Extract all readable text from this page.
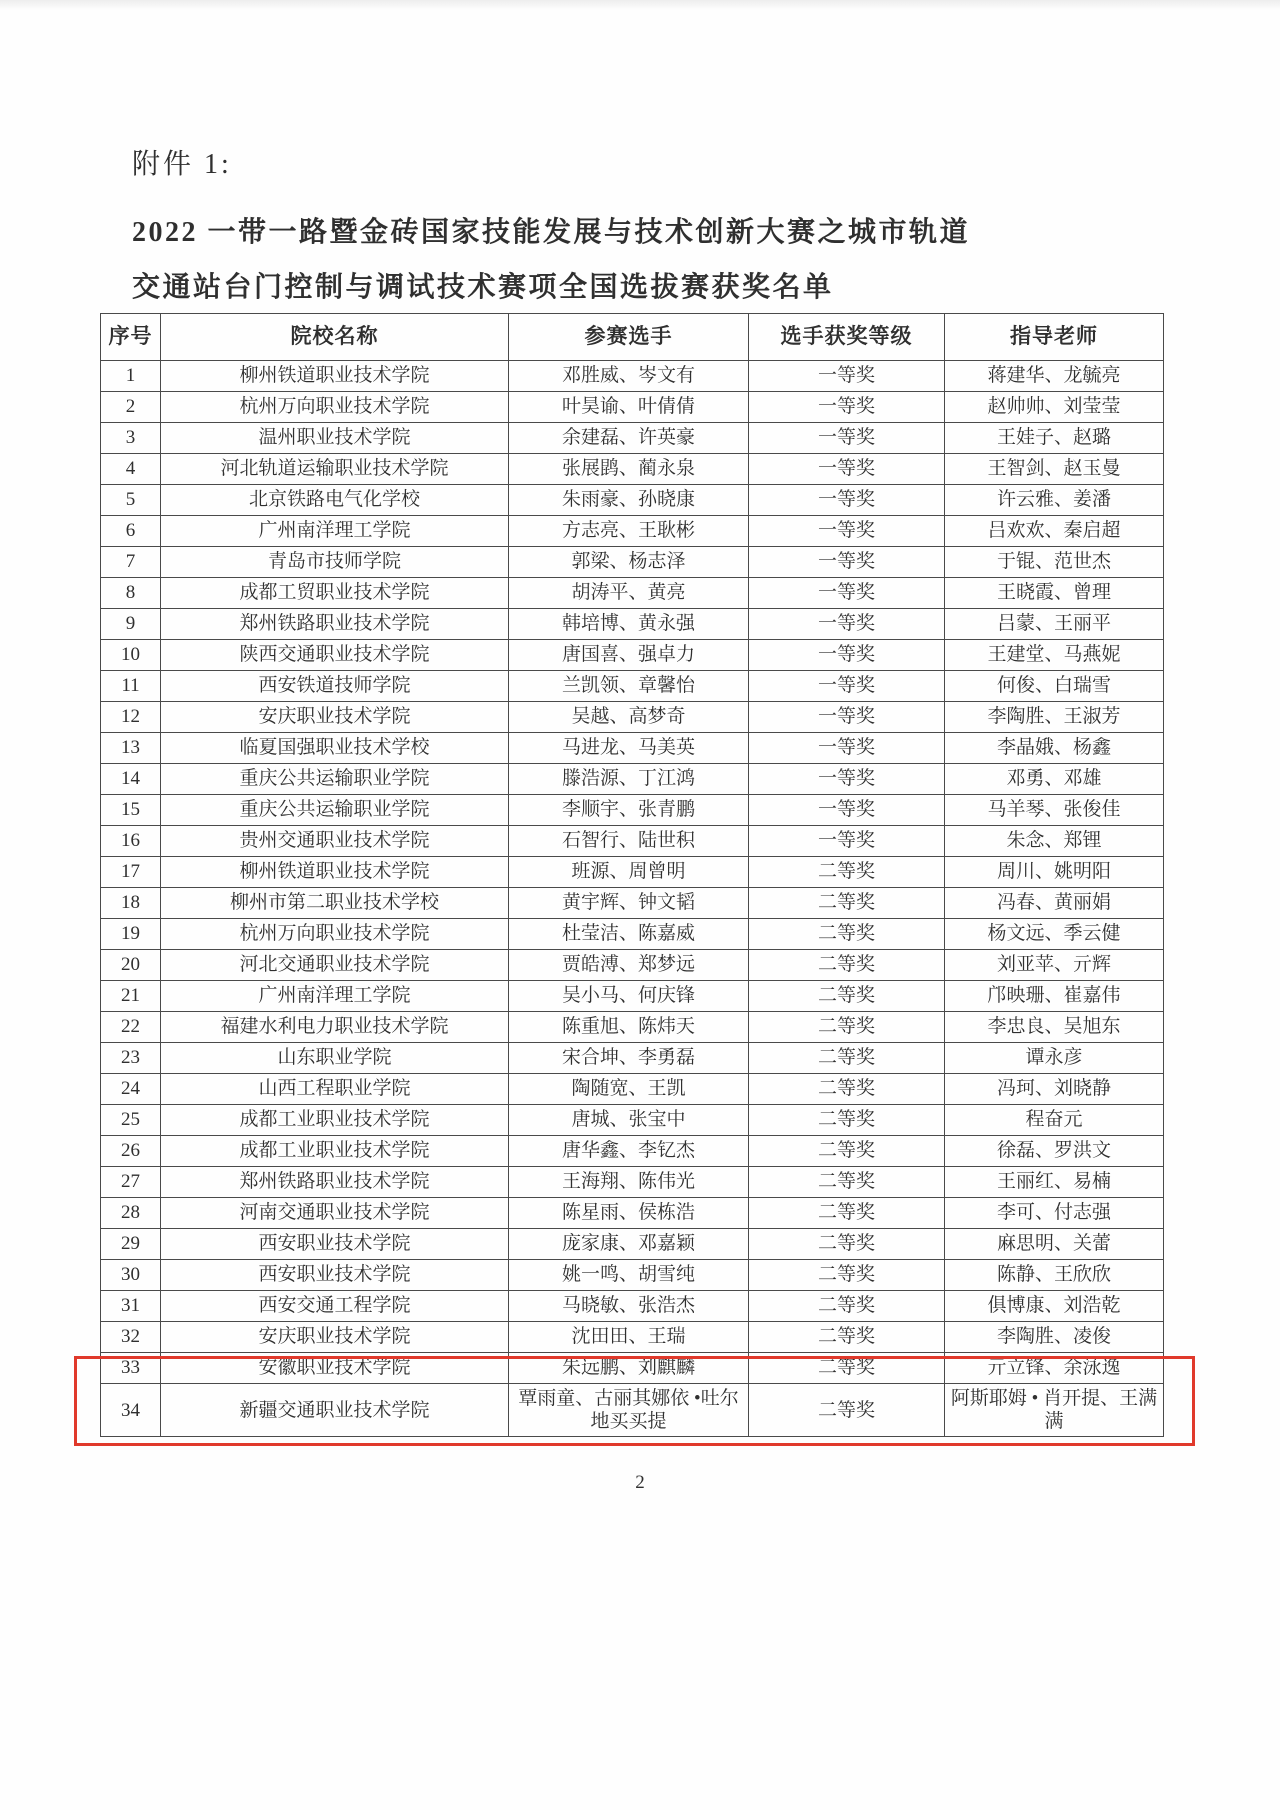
附件 1:
2022 一带一路暨金砖国家技能发展与技术创新大赛之城市轨道
交通站台门控制与调试技术赛项全国选拔赛获奖名单
序号	院校名称	参赛选手	选手获奖等级	指导老师
1	柳州铁道职业技术学院	邓胜威、岑文有	一等奖	蒋建华、龙毓亮
2	杭州万向职业技术学院	叶昊谕、叶倩倩	一等奖	赵帅帅、刘莹莹
3	温州职业技术学院	余建磊、许英豪	一等奖	王娃子、赵璐
4	河北轨道运输职业技术学院	张展鹍、蔺永泉	一等奖	王智剑、赵玉曼
5	北京铁路电气化学校	朱雨豪、孙晓康	一等奖	许云雅、姜潘
6	广州南洋理工学院	方志亮、王耿彬	一等奖	吕欢欢、秦启超
7	青岛市技师学院	郭梁、杨志泽	一等奖	于锟、范世杰
8	成都工贸职业技术学院	胡涛平、黄亮	一等奖	王晓霞、曾理
9	郑州铁路职业技术学院	韩培博、黄永强	一等奖	吕蒙、王丽平
10	陕西交通职业技术学院	唐国喜、强卓力	一等奖	王建堂、马燕妮
11	西安铁道技师学院	兰凯领、章馨怡	一等奖	何俊、白瑞雪
12	安庆职业技术学院	吴越、高梦奇	一等奖	李陶胜、王淑芳
13	临夏国强职业技术学校	马进龙、马美英	一等奖	李晶娥、杨鑫
14	重庆公共运输职业学院	滕浩源、丁江鸿	一等奖	邓勇、邓雄
15	重庆公共运输职业学院	李顺宇、张青鹏	一等奖	马羊琴、张俊佳
16	贵州交通职业技术学院	石智行、陆世积	一等奖	朱念、郑锂
17	柳州铁道职业技术学院	班源、周曾明	二等奖	周川、姚明阳
18	柳州市第二职业技术学校	黄宇辉、钟文韬	二等奖	冯春、黄丽娟
19	杭州万向职业技术学院	杜莹洁、陈嘉威	二等奖	杨文远、季云健
20	河北交通职业技术学院	贾皓溥、郑梦远	二等奖	刘亚苹、亓辉
21	广州南洋理工学院	吴小马、何庆锋	二等奖	邝映珊、崔嘉伟
22	福建水利电力职业技术学院	陈重旭、陈炜天	二等奖	李忠良、吴旭东
23	山东职业学院	宋合坤、李勇磊	二等奖	谭永彦
24	山西工程职业学院	陶随宽、王凯	二等奖	冯珂、刘晓静
25	成都工业职业技术学院	唐城、张宝中	二等奖	程奋元
26	成都工业职业技术学院	唐华鑫、李钇杰	二等奖	徐磊、罗洪文
27	郑州铁路职业技术学院	王海翔、陈伟光	二等奖	王丽红、易楠
28	河南交通职业技术学院	陈星雨、侯栋浩	二等奖	李可、付志强
29	西安职业技术学院	庞家康、邓嘉颖	二等奖	麻思明、关蕾
30	西安职业技术学院	姚一鸣、胡雪纯	二等奖	陈静、王欣欣
31	西安交通工程学院	马晓敏、张浩杰	二等奖	俱博康、刘浩乾
32	安庆职业技术学院	沈田田、王瑞	二等奖	李陶胜、凌俊
33	安徽职业技术学院	朱远鹏、刘麒麟	二等奖	亓立锋、余泳逸
34	新疆交通职业技术学院	覃雨童、古丽其娜依 •吐尔地买买提	二等奖	阿斯耶姆 • 肖开提、王满满
2
